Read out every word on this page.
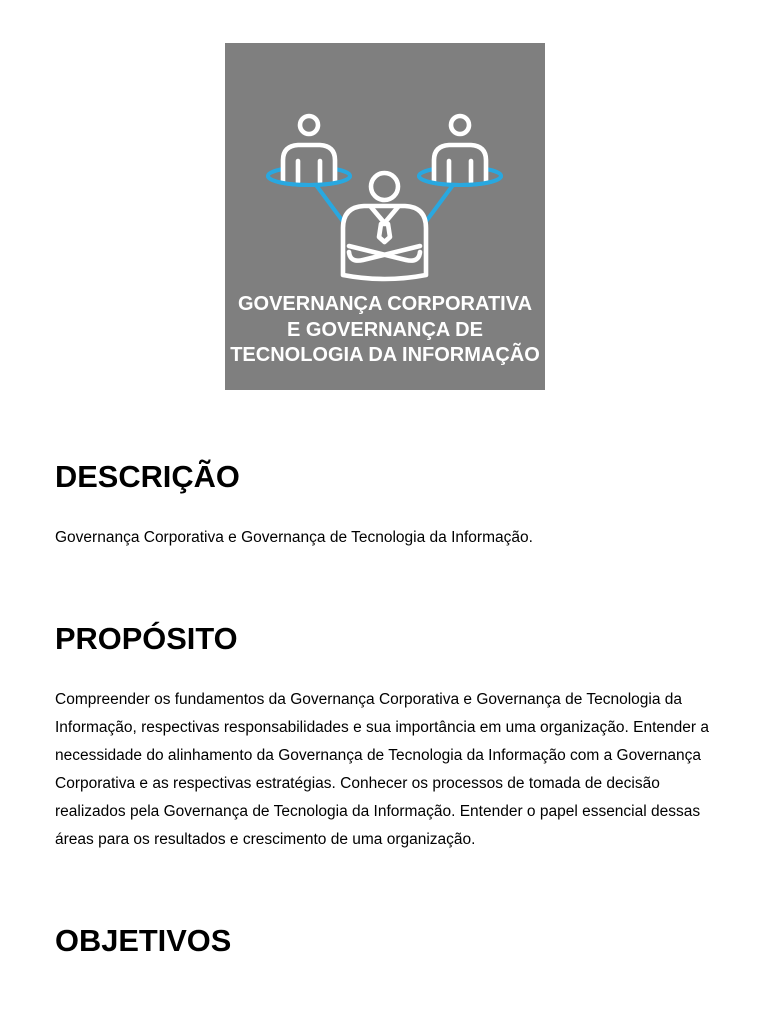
GOVERNANÇA CORPORATIVA
E GOVERNANÇA DE
TECNOLOGIA DA INFORMAÇÃO
DESCRIÇÃO

Governança Corporativa e Governança de Tecnologia da Informação.

PROPÓSITO

Compreender os fundamentos da Governança Corporativa e Governança de Tecnologia da Informação, respectivas responsabilidades e sua importância em uma organização. Entender a necessidade do alinhamento da Governança de Tecnologia da Informação com a Governança Corporativa e as respectivas estratégias. Conhecer os processos de tomada de decisão realizados pela Governança de Tecnologia da Informação. Entender o papel essencial dessas áreas para os resultados e crescimento de uma organização.

OBJETIVOS
